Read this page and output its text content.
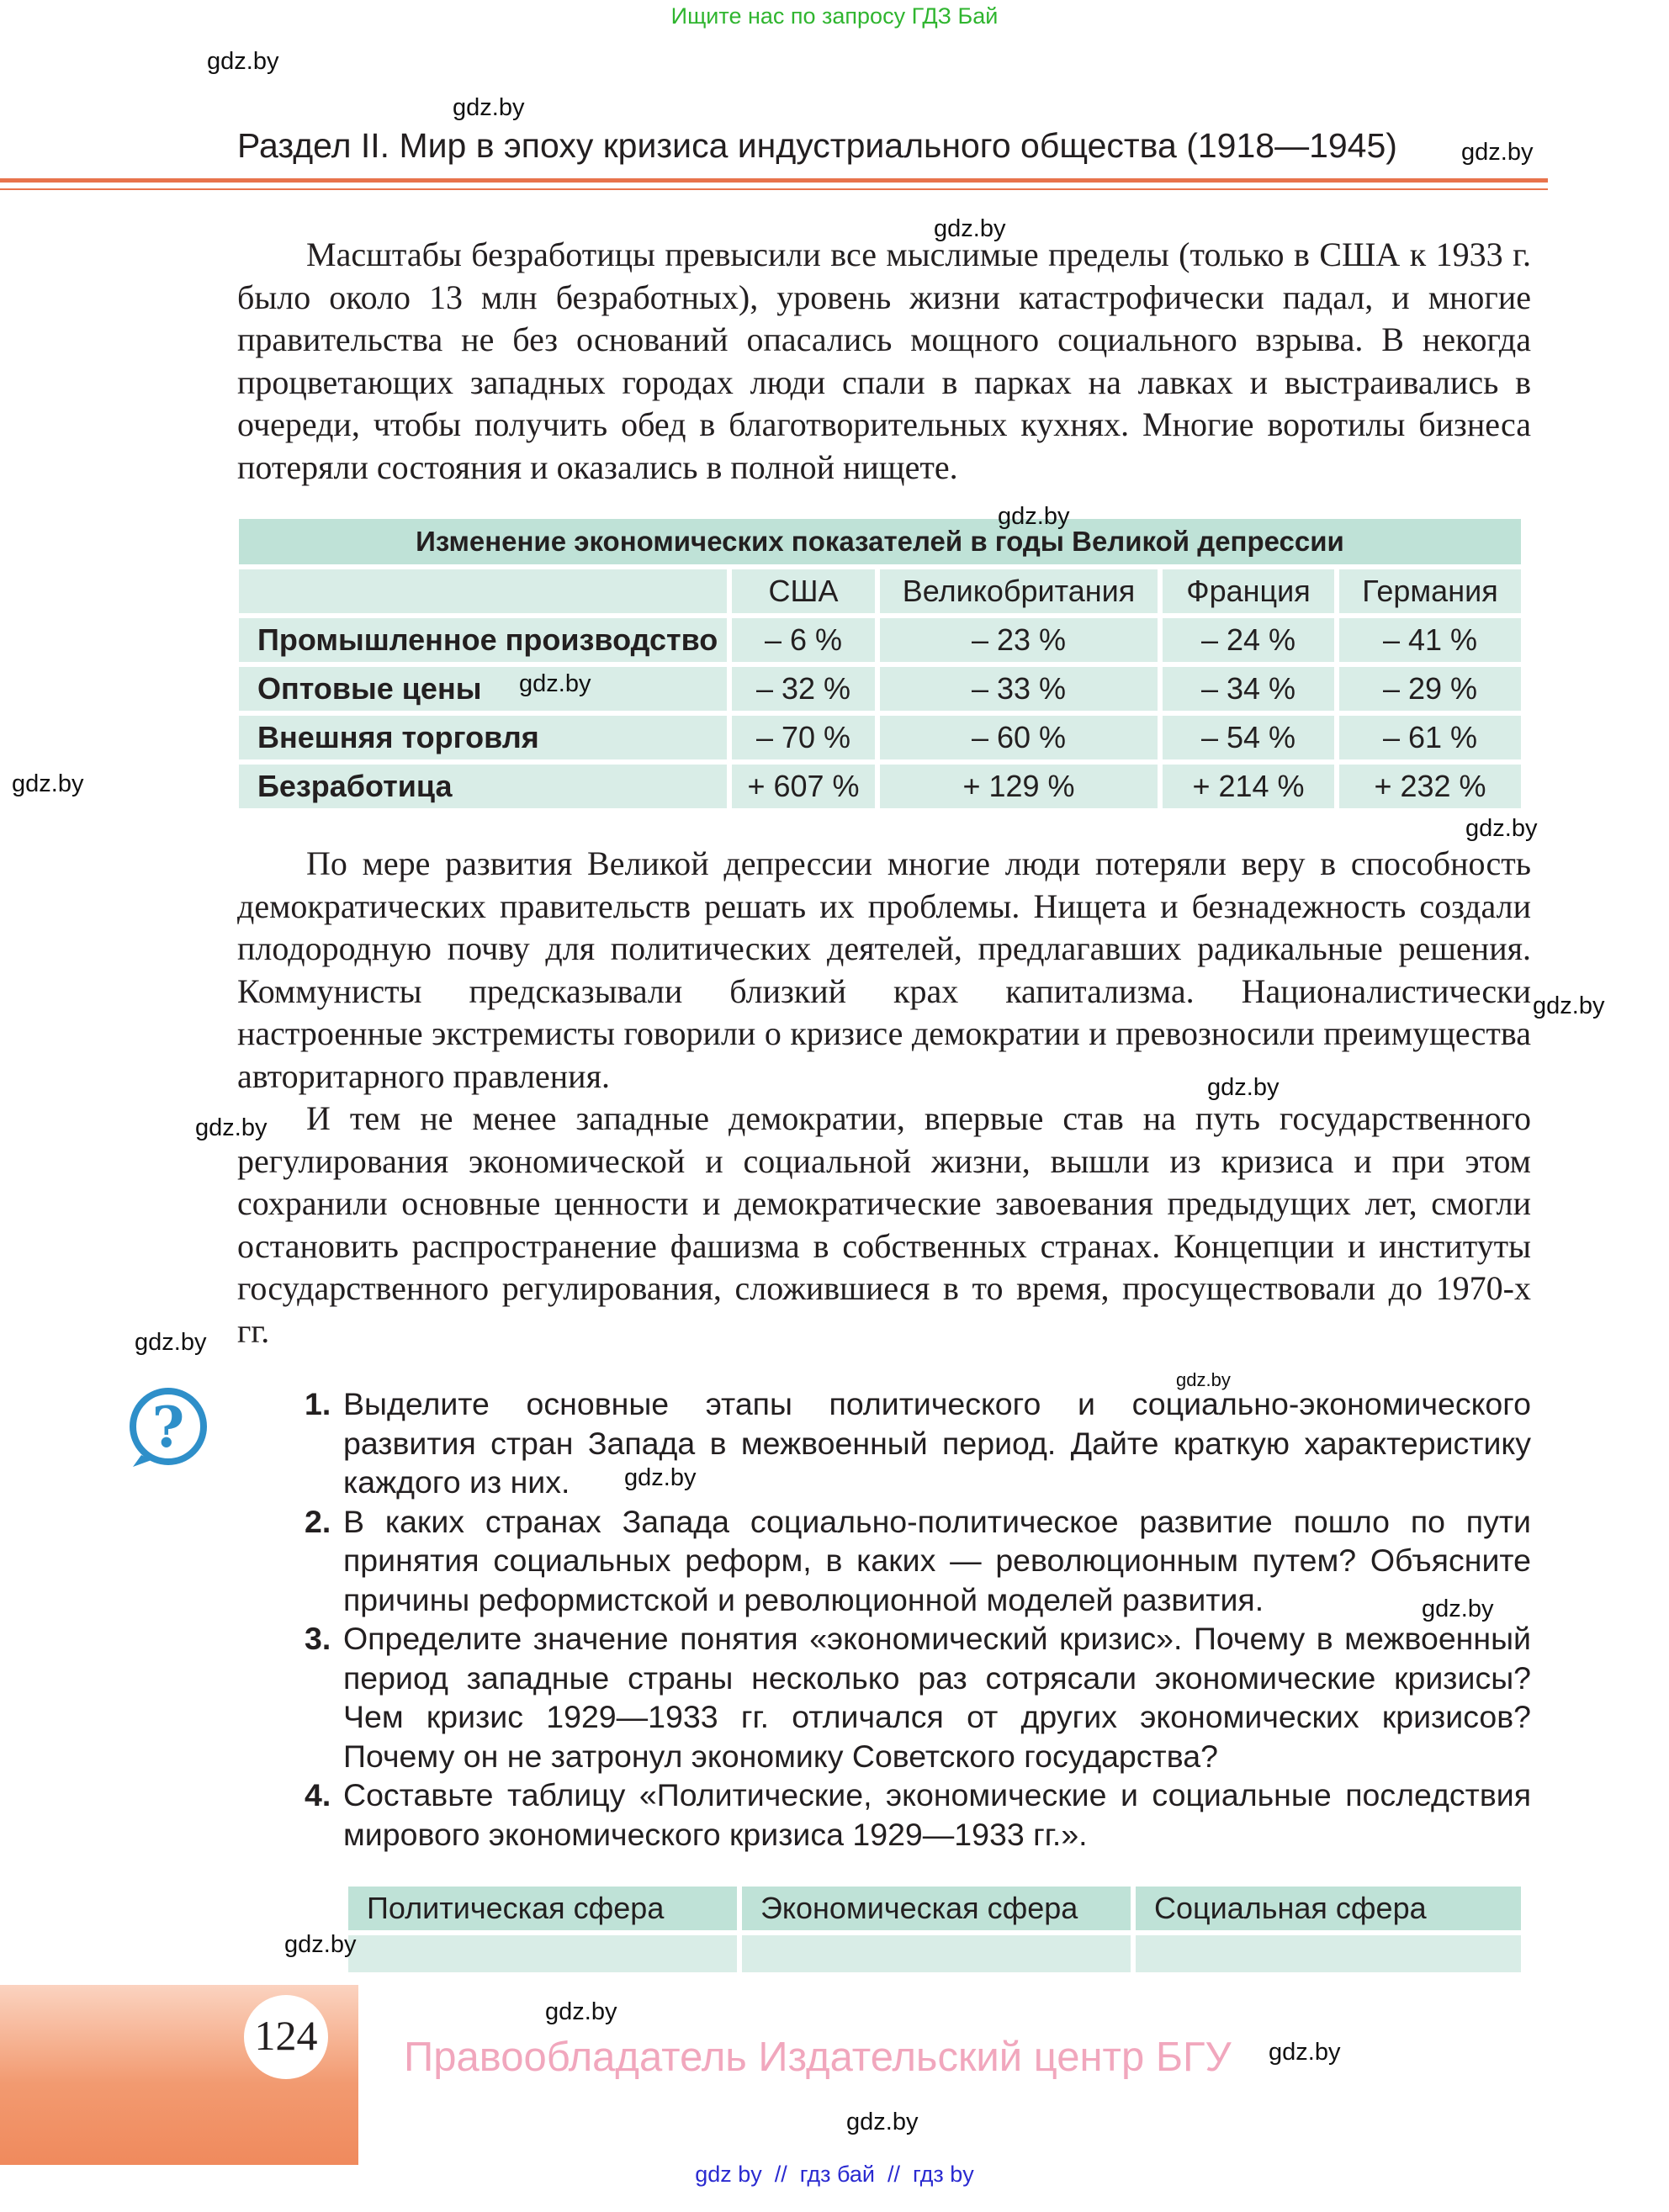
Ищите нас по запросу ГДЗ Бай
Раздел II. Мир в эпоху кризиса индустриального общества (1918—1945)

Масштабы безработицы превысили все мыслимые пределы (только в США к 1933 г. было около 13 млн безработных), уровень жизни катастрофически падал, и многие правительства не без оснований опасались мощного социального взрыва. В некогда процветающих западных городах люди спали в парках на лавках и выстраивались в очереди, чтобы получить обед в благотворительных кухнях. Многие воротилы бизнеса потеряли состояния и оказались в полной нищете.

Изменение экономических показателей в годы Великой депрессии				
	США	Великобритания	Франция	Германия
Промышленное производство	– 6 %	– 23 %	– 24 %	– 41 %
Оптовые цены	– 32 %	– 33 %	– 34 %	– 29 %
Внешняя торговля	– 70 %	– 60 %	– 54 %	– 61 %
Безработица	+ 607 %	+ 129 %	+ 214 %	+ 232 %

По мере развития Великой депрессии многие люди потеряли веру в способность демократических правительств решать их проблемы. Нищета и безнадежность создали плодородную почву для политических деятелей, предлагавших радикальные решения. Коммунисты предсказывали близкий крах капитализма. Националистически настроенные экстремисты говорили о кризисе демократии и превозносили преимущества авторитарного правления.

И тем не менее западные демократии, впервые став на путь государственного регулирования экономической и социальной жизни, вышли из кризиса и при этом сохранили основные ценности и демократические завоевания предыдущих лет, смогли остановить распространение фашизма в собственных странах. Концепции и институты государственного регулирования, сложившиеся в то время, просуществовали до 1970-х гг.

?	1. Выделите основные этапы политического и социально-экономического развития стран Запада в межвоенный период. Дайте краткую характеристику каждого из них.
2. В каких странах Запада социально-политическое развитие пошло по пути принятия социальных реформ, в каких — революционным путем? Объясните причины реформистской и революционной моделей развития.
3. Определите значение понятия «экономический кризис». Почему в межвоенный период западные страны несколько раз сотрясали экономические кризисы? Чем кризис 1929—1933 гг. отличался от других экономических кризисов? Почему он не затронул экономику Советского государства?
4. Составьте таблицу «Политические, экономические и социальные последствия мирового экономического кризиса 1929—1933 гг.».
Политическая сфера	Экономическая сфера	Социальная сфера

124 Правообладатель Издательский центр БГУ
gdz.by
gdz.by
gdz.by
gdz.by
gdz.by
gdz.by
gdz.by
gdz.by
gdz.by
gdz.by
gdz.by
gdz.by
gdz.by
gdz.by
gdz.by
gdz.by
gdz.by
gdz.by
gdz.by
gdz by  //  гдз бай  //  гдз by
